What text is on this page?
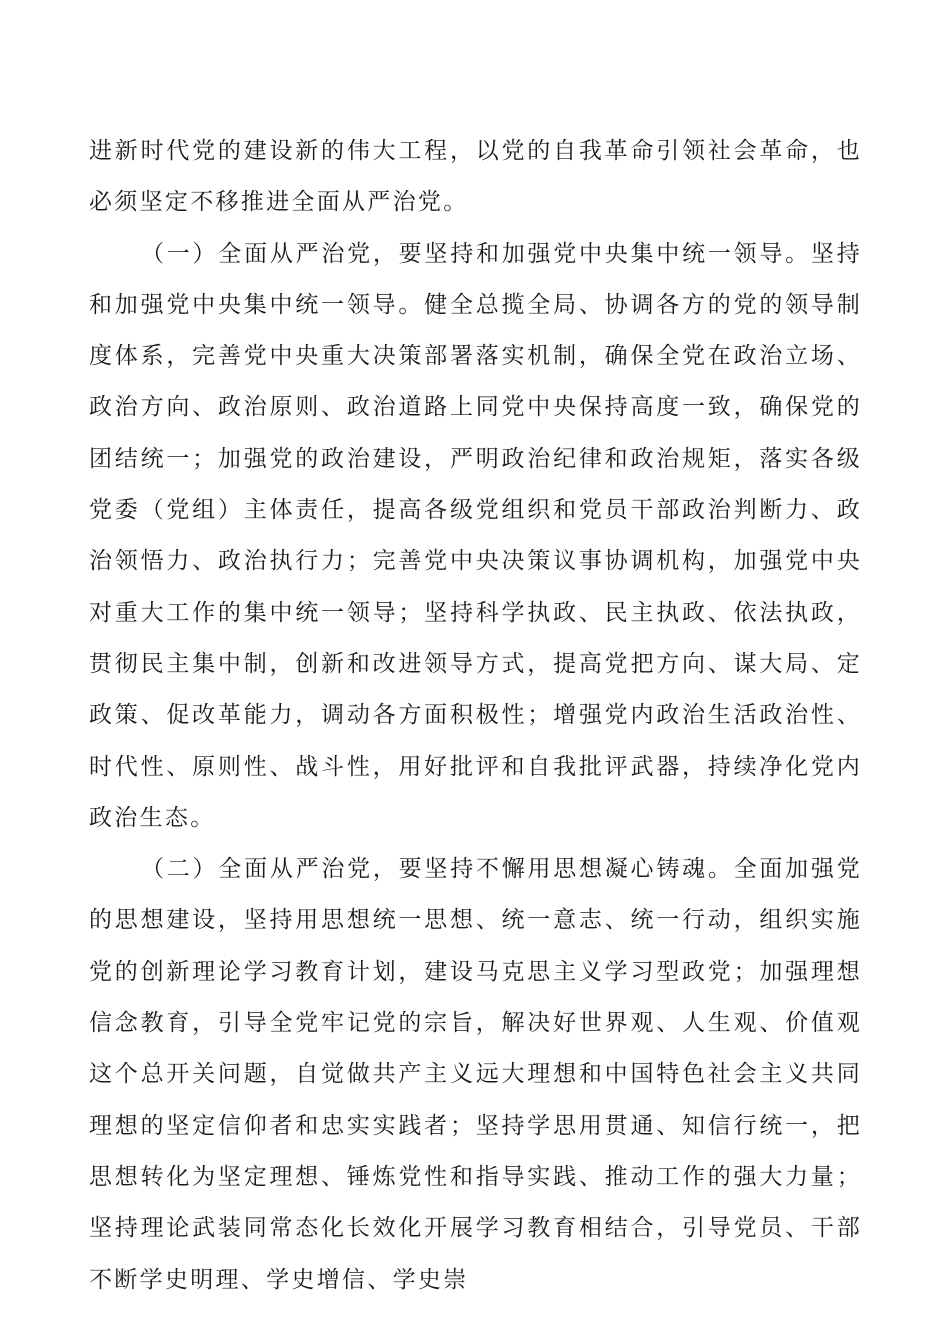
进新时代党的建设新的伟大工程，以党的自我革命引领社会革命，也必须坚定不移推进全面从严治党。

（一）全面从严治党，要坚持和加强党中央集中统一领导。坚持和加强党中央集中统一领导。健全总揽全局、协调各方的党的领导制度体系，完善党中央重大决策部署落实机制，确保全党在政治立场、政治方向、政治原则、政治道路上同党中央保持高度一致，确保党的团结统一；加强党的政治建设，严明政治纪律和政治规矩，落实各级党委（党组）主体责任，提高各级党组织和党员干部政治判断力、政治领悟力、政治执行力；完善党中央决策议事协调机构，加强党中央对重大工作的集中统一领导；坚持科学执政、民主执政、依法执政，贯彻民主集中制，创新和改进领导方式，提高党把方向、谋大局、定政策、促改革能力，调动各方面积极性；增强党内政治生活政治性、时代性、原则性、战斗性，用好批评和自我批评武器，持续净化党内政治生态。

（二）全面从严治党，要坚持不懈用思想凝心铸魂。全面加强党的思想建设，坚持用思想统一思想、统一意志、统一行动，组织实施党的创新理论学习教育计划，建设马克思主义学习型政党；加强理想信念教育，引导全党牢记党的宗旨，解决好世界观、人生观、价值观这个总开关问题，自觉做共产主义远大理想和中国特色社会主义共同理想的坚定信仰者和忠实实践者；坚持学思用贯通、知信行统一，把思想转化为坚定理想、锤炼党性和指导实践、推动工作的强大力量；坚持理论武装同常态化长效化开展学习教育相结合，引导党员、干部不断学史明理、学史增信、学史崇
